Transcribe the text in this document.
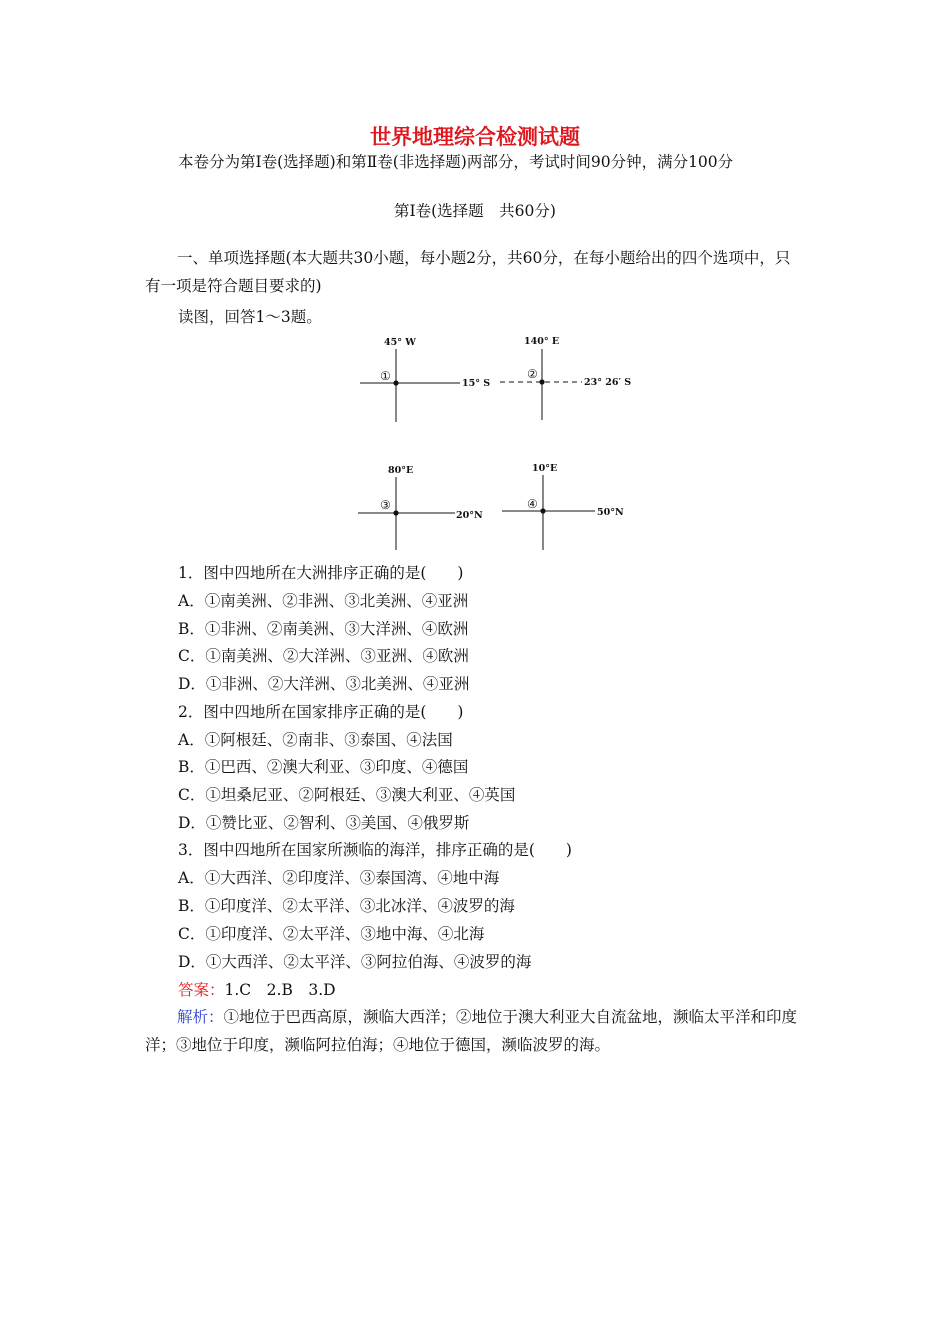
世界地理综合检测试题
本卷分为第Ⅰ卷(选择题)和第Ⅱ卷(非选择题)两部分，考试时间90分钟，满分100分
第Ⅰ卷(选择题　共60分)
一、单项选择题(本大题共30小题，每小题2分，共60分，在每小题给出的四个选项中，只有一项是符合题目要求的)
读图，回答1～3题。
45° W
15° S
①
140° E
23° 26′ S
②
80°E
20°N
③
10°E
50°N
④
1．图中四地所在大洲排序正确的是(　　)
A．①南美洲、②非洲、③北美洲、④亚洲
B．①非洲、②南美洲、③大洋洲、④欧洲
C．①南美洲、②大洋洲、③亚洲、④欧洲
D．①非洲、②大洋洲、③北美洲、④亚洲
2．图中四地所在国家排序正确的是(　　)
A．①阿根廷、②南非、③泰国、④法国
B．①巴西、②澳大利亚、③印度、④德国
C．①坦桑尼亚、②阿根廷、③澳大利亚、④英国
D．①赞比亚、②智利、③美国、④俄罗斯
3．图中四地所在国家所濒临的海洋，排序正确的是(　　)
A．①大西洋、②印度洋、③泰国湾、④地中海
B．①印度洋、②太平洋、③北冰洋、④波罗的海
C．①印度洋、②太平洋、③地中海、④北海
D．①大西洋、②太平洋、③阿拉伯海、④波罗的海
答案：1.C　2.B　3.D
解析：①地位于巴西高原，濒临大西洋；②地位于澳大利亚大自流盆地，濒临太平洋和印度洋；③地位于印度，濒临阿拉伯海；④地位于德国，濒临波罗的海。
